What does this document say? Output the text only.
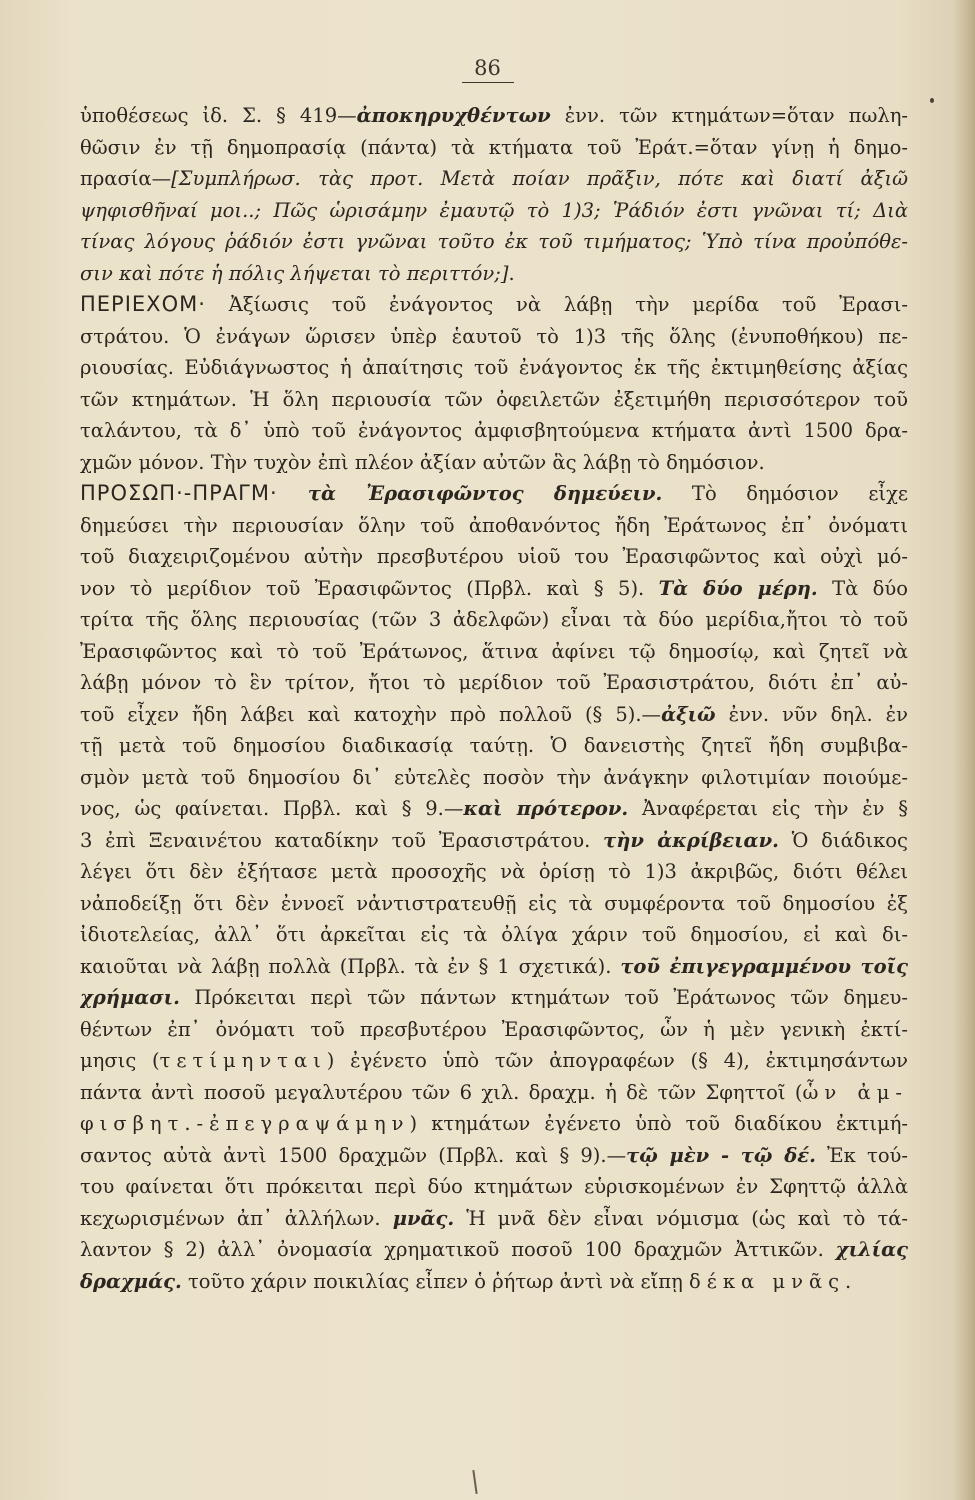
86
ὑποθέσεως ἰδ. Σ. § 419—ἀποκηρυχθέντων ἐνν. τῶν κτημάτων=ὅταν πωλη-
θῶσιν ἐν τῇ δημοπρασίᾳ (πάντα) τὰ κτήματα τοῦ Ἐράτ.=ὅταν γίνῃ ἡ δημο-
πρασία—[Συμπλήρωσ. τὰς προτ. Μετὰ ποίαν πρᾶξιν, πότε καὶ διατί ἀξιῶ
ψηφισθῆναί μοι..; Πῶς ὡρισάμην ἐμαυτῷ τὸ 1)3; Ῥάδιόν ἐστι γνῶναι τί; Διὰ
τίνας λόγους ῥάδιόν ἐστι γνῶναι τοῦτο ἐκ τοῦ τιμήματος; Ὑπὸ τίνα προὐπόθε-
σιν καὶ πότε ἡ πόλις λήψεται τὸ περιττόν;].
ΠΕΡΙΕΧΟΜ· Ἀξίωσις τοῦ ἐνάγοντος νὰ λάβῃ τὴν μερίδα τοῦ Ἐρασι-
στράτου. Ὁ ἐνάγων ὥρισεν ὑπὲρ ἑαυτοῦ τὸ 1)3 τῆς ὅλης (ἐνυποθήκου) πε-
ριουσίας. Εὐδιάγνωστος ἡ ἀπαίτησις τοῦ ἐνάγοντος ἐκ τῆς ἐκτιμηθείσης ἀξίας
τῶν κτημάτων. Ἡ ὅλη περιουσία τῶν ὀφειλετῶν ἐξετιμήθη περισσότερον τοῦ
ταλάντου, τὰ δ᾽ ὑπὸ τοῦ ἐνάγοντος ἀμφισβητούμενα κτήματα ἀντὶ 1500 δρα-
χμῶν μόνον. Τὴν τυχὸν ἐπὶ πλέον ἀξίαν αὐτῶν ἃς λάβῃ τὸ δημόσιον.
ΠΡΟΣΩΠ·-ΠΡΑΓΜ· τὰ Ἐρασιφῶντος δημεύειν. Τὸ δημόσιον εἶχε
δημεύσει τὴν περιουσίαν ὅλην τοῦ ἀποθανόντος ἤδη Ἐράτωνος ἐπ᾽ ὀνόματι
τοῦ διαχειριζομένου αὐτὴν πρεσβυτέρου υἱοῦ του Ἐρασιφῶντος καὶ οὐχὶ μό-
νον τὸ μερίδιον τοῦ Ἐρασιφῶντος (Πρβλ. καὶ § 5). Τὰ δύο μέρη. Τὰ δύο
τρίτα τῆς ὅλης περιουσίας (τῶν 3 ἀδελφῶν) εἶναι τὰ δύο μερίδια,ἤτοι τὸ τοῦ
Ἐρασιφῶντος καὶ τὸ τοῦ Ἐράτωνος, ἅτινα ἀφίνει τῷ δημοσίῳ, καὶ ζητεῖ νὰ
λάβῃ μόνον τὸ ἓν τρίτον, ἤτοι τὸ μερίδιον τοῦ Ἐρασιστράτου, διότι ἐπ᾽ αὐ-
τοῦ εἶχεν ἤδη λάβει καὶ κατοχὴν πρὸ πολλοῦ (§ 5).—ἀξιῶ ἐνν. νῦν δηλ. ἐν
τῇ μετὰ τοῦ δημοσίου διαδικασίᾳ ταύτῃ. Ὁ δανειστὴς ζητεῖ ἤδη συμβιβα-
σμὸν μετὰ τοῦ δημοσίου δι᾽ εὐτελὲς ποσὸν τὴν ἀνάγκην φιλοτιμίαν ποιούμε-
νος, ὡς φαίνεται. Πρβλ. καὶ § 9.—καὶ πρότερον. Ἀναφέρεται εἰς τὴν ἐν §
3 ἐπὶ Ξεναινέτου καταδίκην τοῦ Ἐρασιστράτου. τὴν ἀκρίβειαν. Ὁ διάδικος
λέγει ὅτι δὲν ἐξήτασε μετὰ προσοχῆς νὰ ὁρίσῃ τὸ 1)3 ἀκριβῶς, διότι θέλει
νἀποδείξῃ ὅτι δὲν ἐννοεῖ νἀντιστρατευθῇ εἰς τὰ συμφέροντα τοῦ δημοσίου ἐξ
ἰδιοτελείας, ἀλλ᾽ ὅτι ἀρκεῖται εἰς τὰ ὀλίγα χάριν τοῦ δημοσίου, εἰ καὶ δι-
καιοῦται νὰ λάβῃ πολλὰ (Πρβλ. τὰ ἐν § 1 σχετικά). τοῦ ἐπιγεγραμμένου τοῖς
χρήμασι. Πρόκειται περὶ τῶν πάντων κτημάτων τοῦ Ἐράτωνος τῶν δημευ-
θέντων ἐπ᾽ ὀνόματι τοῦ πρεσβυτέρου Ἐρασιφῶντος, ὧν ἡ μὲν γενικὴ ἐκτί-
μησις (τετίμηνται) ἐγένετο ὑπὸ τῶν ἀπογραφέων (§ 4), ἐκτιμησάντων
πάντα ἀντὶ ποσοῦ μεγαλυτέρου τῶν 6 χιλ. δραχμ. ἡ δὲ τῶν Σφηττοῖ (ὧν ἀμ-
φισβητ.-ἐπεγραψάμην) κτημάτων ἐγένετο ὑπὸ τοῦ διαδίκου ἐκτιμή-
σαντος αὐτὰ ἀντὶ 1500 δραχμῶν (Πρβλ. καὶ § 9).—τῷ μὲν - τῷ δέ. Ἐκ τού-
του φαίνεται ὅτι πρόκειται περὶ δύο κτημάτων εὑρισκομένων ἐν Σφηττῷ ἀλλὰ
κεχωρισμένων ἀπ᾽ ἀλλήλων. μνᾶς. Ἡ μνᾶ δὲν εἶναι νόμισμα (ὡς καὶ τὸ τά-
λαντον § 2) ἀλλ᾽ ὀνομασία χρηματικοῦ ποσοῦ 100 δραχμῶν Ἀττικῶν. χιλίας
δραχμάς. τοῦτο χάριν ποικιλίας εἶπεν ὁ ῥήτωρ ἀντὶ νὰ εἴπῃ δέκα μνᾶς.
